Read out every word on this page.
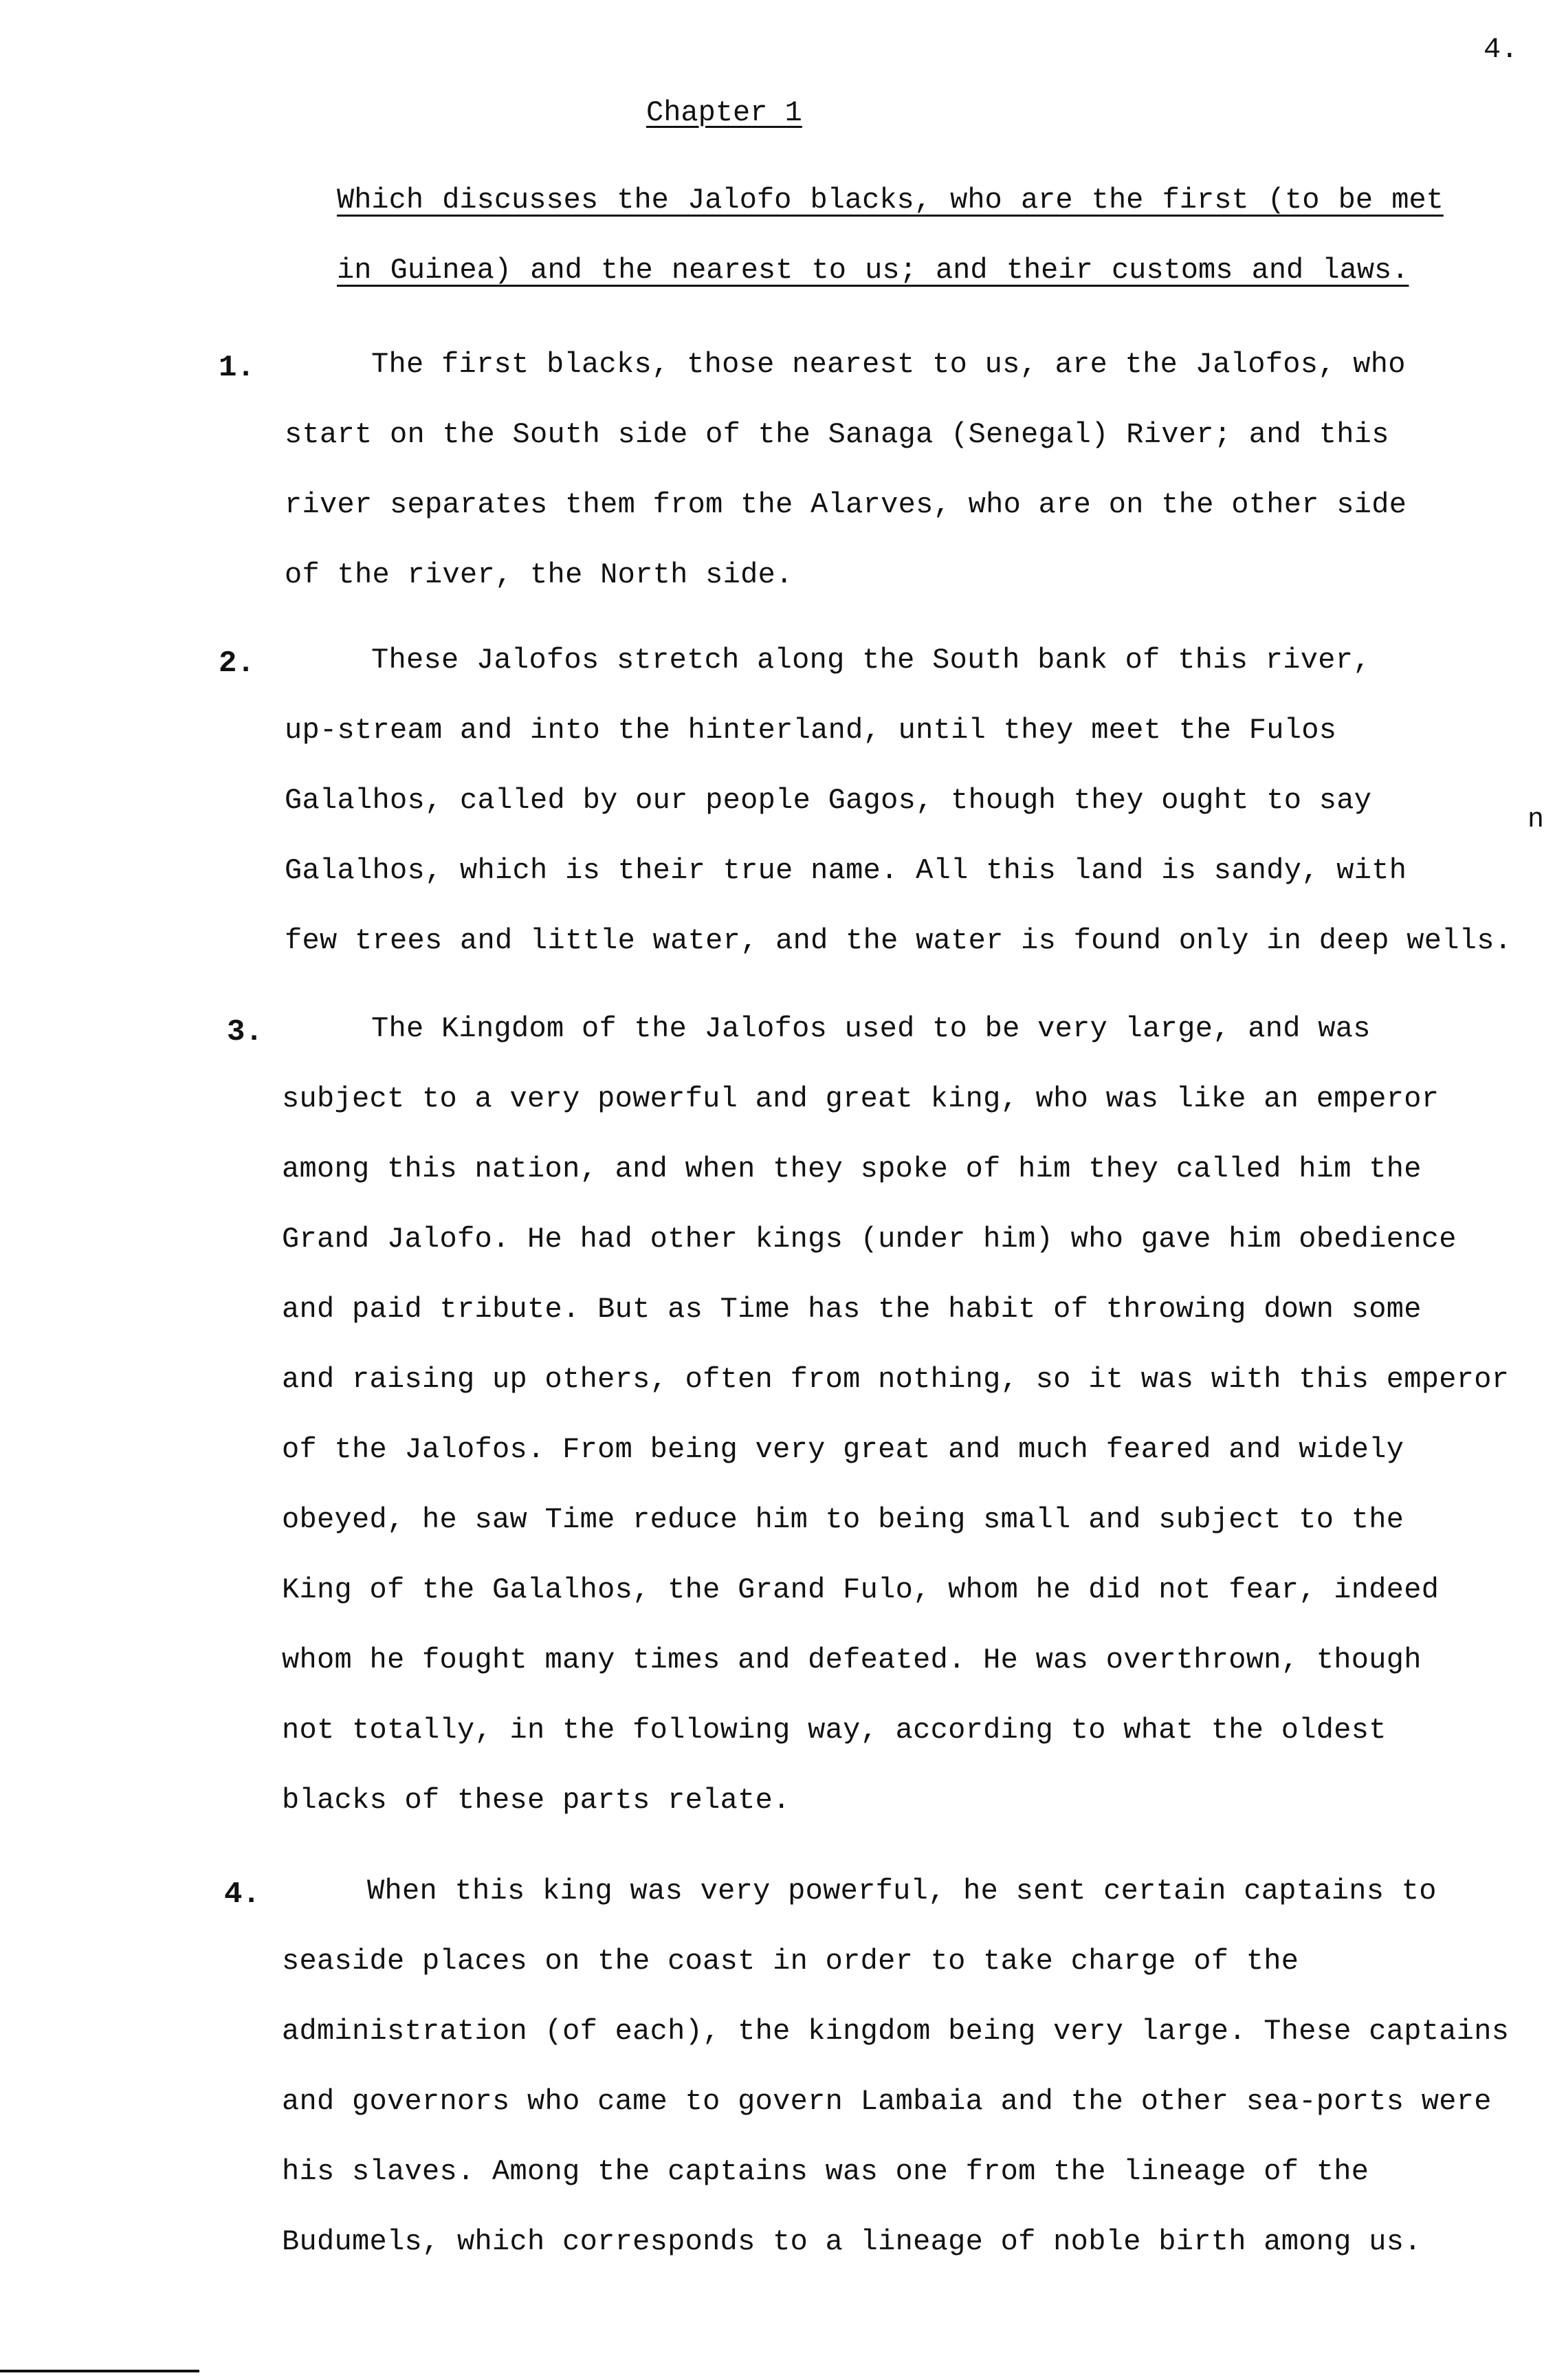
4.
Chapter 1
Which discusses the Jalofo blacks, who are the first (to be met
in Guinea) and the nearest to us; and their customs and laws.
n
1.	The first blacks, those nearest to us, are the Jalofos, who
start on the South side of the Sanaga (Senegal) River; and this
river separates them from the Alarves, who are on the other side
of the river, the North side.
2.	These Jalofos stretch along the South bank of this river,
up-stream and into the hinterland, until they meet the Fulos
Galalhos, called by our people Gagos, though they ought to say
Galalhos, which is their true name. All this land is sandy, with
few trees and little water, and the water is found only in deep wells.
3.	The Kingdom of the Jalofos used to be very large, and was
subject to a very powerful and great king, who was like an emperor
among this nation, and when they spoke of him they called him the
Grand Jalofo. He had other kings (under him) who gave him obedience
and paid tribute. But as Time has the habit of throwing down some
and raising up others, often from nothing, so it was with this emperor
of the Jalofos. From being very great and much feared and widely
obeyed, he saw Time reduce him to being small and subject to the
King of the Galalhos, the Grand Fulo, whom he did not fear, indeed
whom he fought many times and defeated. He was overthrown, though
not totally, in the following way, according to what the oldest
blacks of these parts relate.
4.	When this king was very powerful, he sent certain captains to
seaside places on the coast in order to take charge of the
administration (of each), the kingdom being very large. These captains
and governors who came to govern Lambaia and the other sea-ports were
his slaves. Among the captains was one from the lineage of the
Budumels, which corresponds to a lineage of noble birth among us.
